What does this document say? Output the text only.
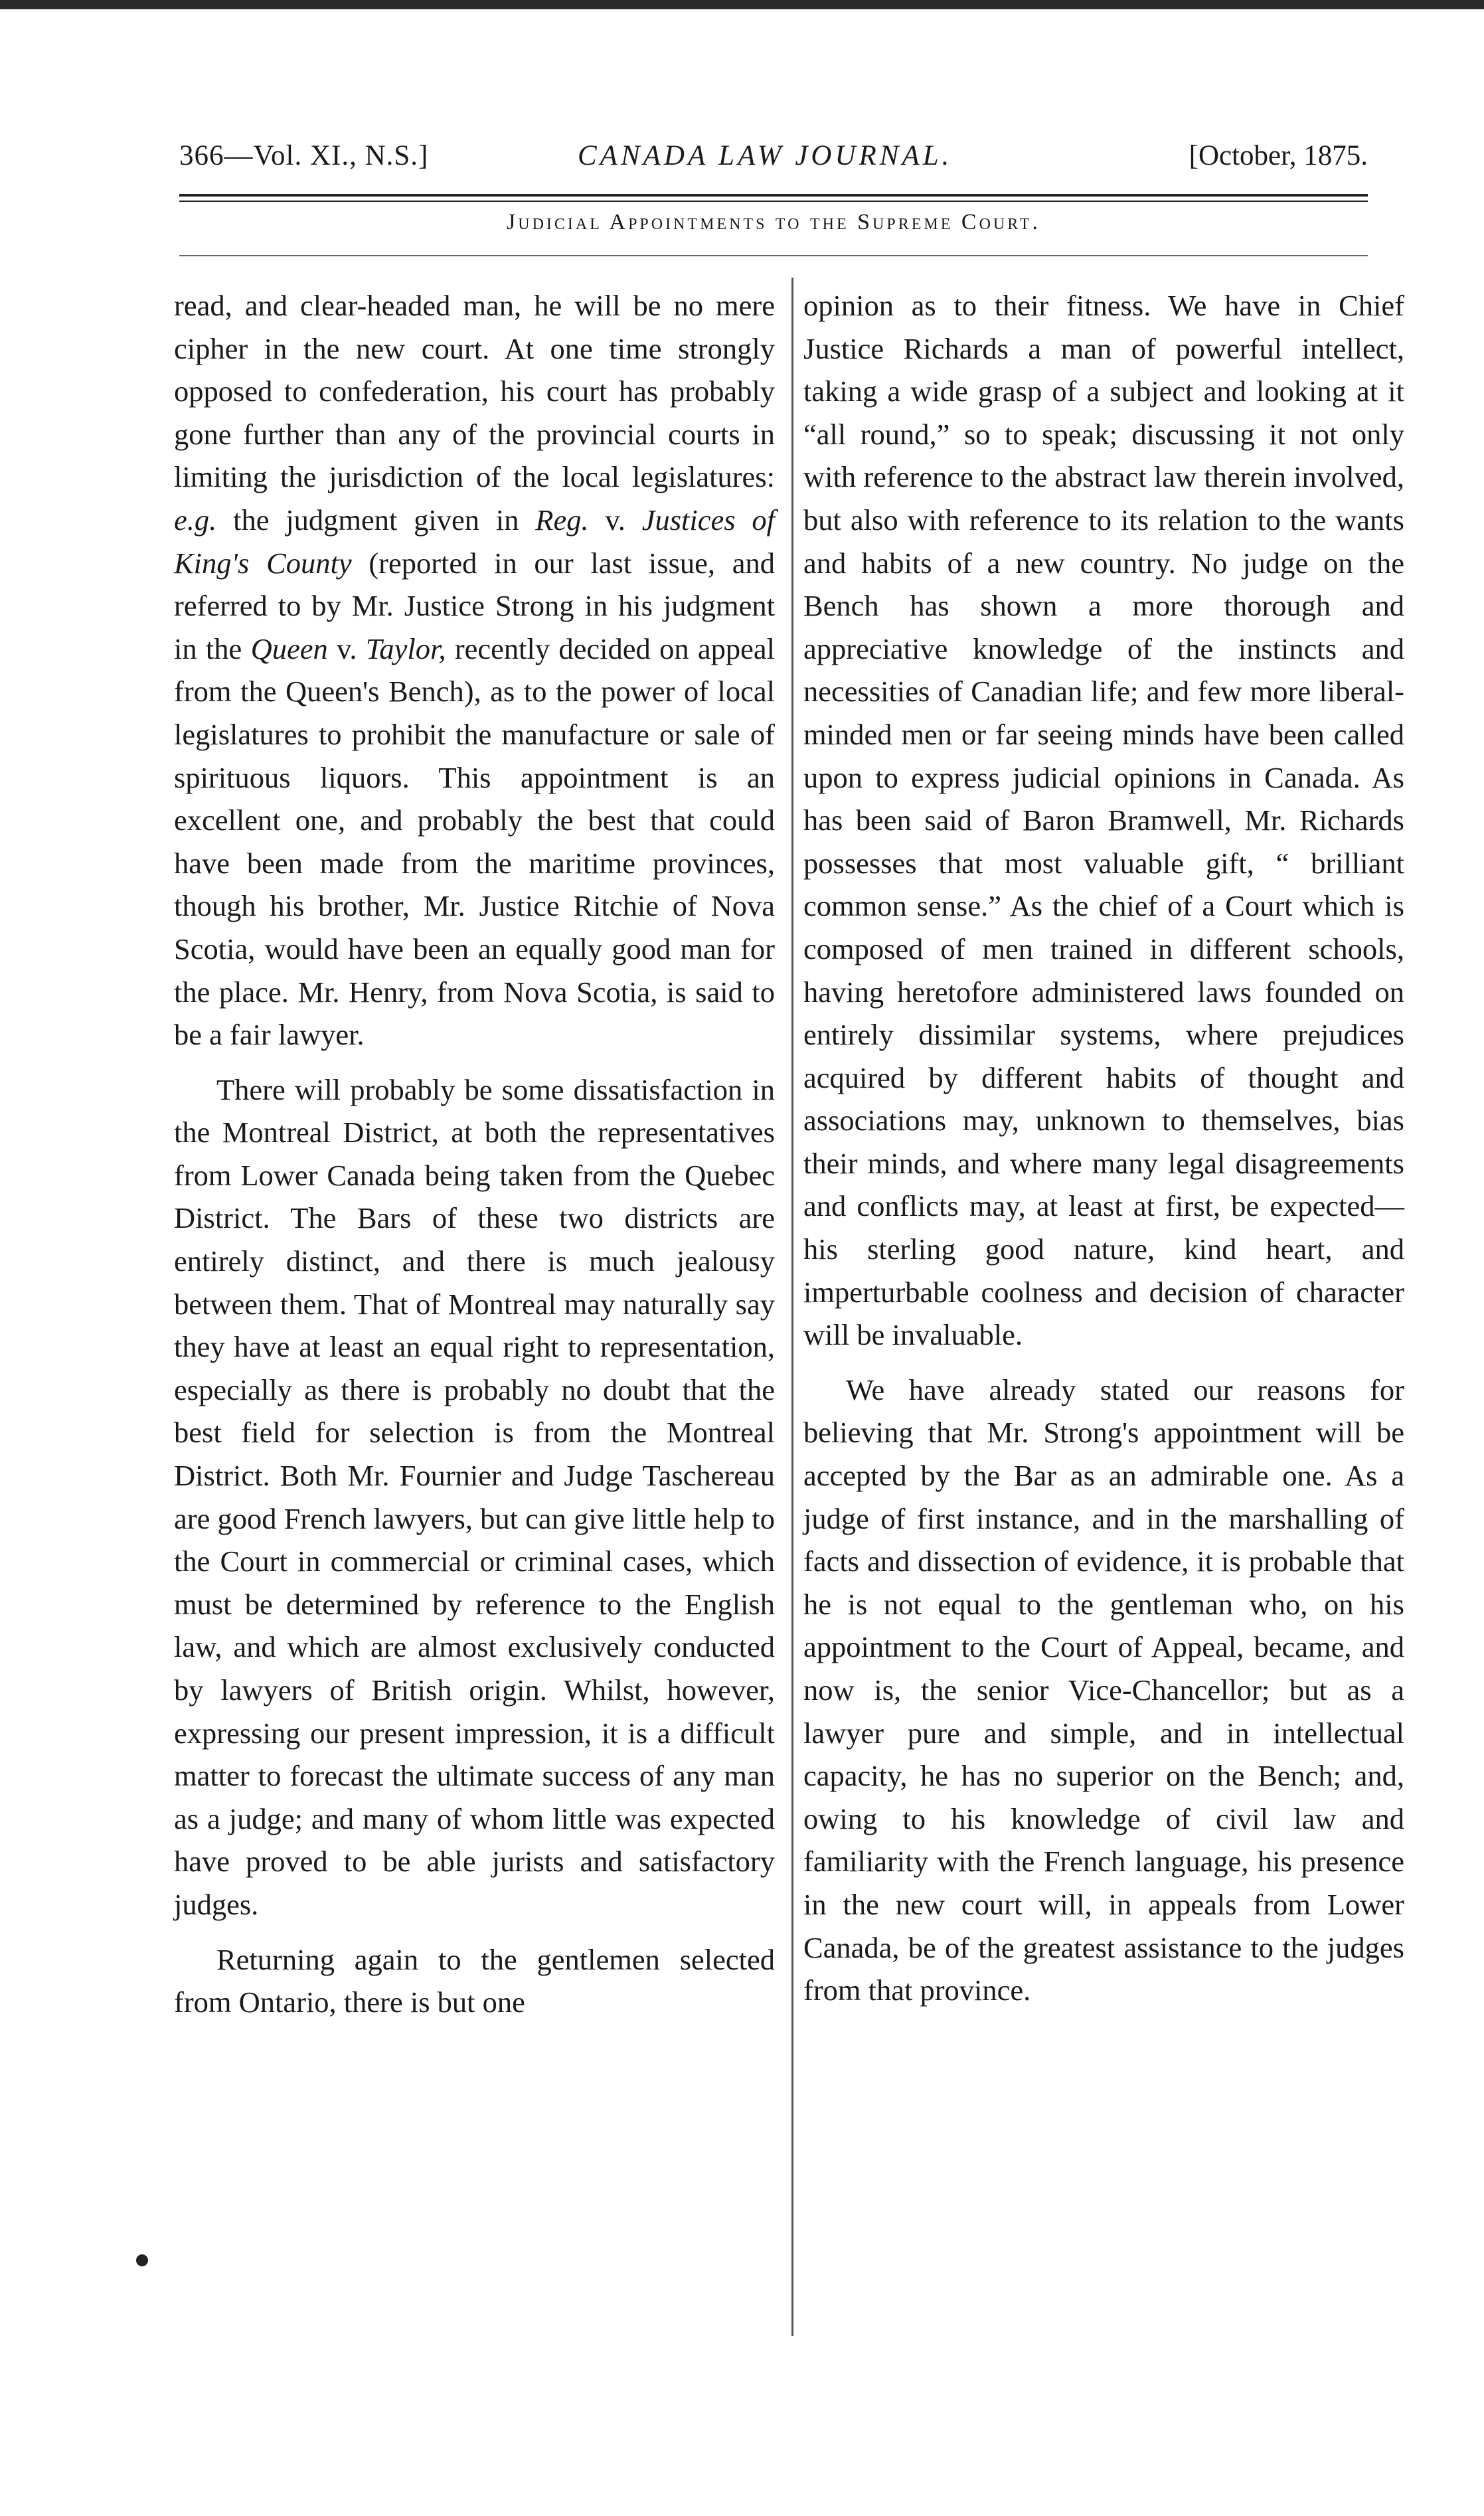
366—Vol. XI., N.S.]	CANADA LAW JOURNAL.	[October, 1875.
Judicial Appointments to the Supreme Court.

read, and clear-headed man, he will be no mere cipher in the new court. At one time strongly opposed to confederation, his court has probably gone further than any of the provincial courts in limiting the jurisdiction of the local legislatures: e.g. the judgment given in Reg. v. Justices of King's County (reported in our last issue, and referred to by Mr. Justice Strong in his judgment in the Queen v. Taylor, recently decided on appeal from the Queen's Bench), as to the power of local legislatures to prohibit the manufacture or sale of spirituous liquors. This appointment is an excellent one, and probably the best that could have been made from the maritime provinces, though his brother, Mr. Justice Ritchie of Nova Scotia, would have been an equally good man for the place. Mr. Henry, from Nova Scotia, is said to be a fair lawyer.

There will probably be some dissatisfaction in the Montreal District, at both the representatives from Lower Canada being taken from the Quebec District. The Bars of these two districts are entirely distinct, and there is much jealousy between them. That of Montreal may naturally say they have at least an equal right to representation, especially as there is probably no doubt that the best field for selection is from the Montreal District. Both Mr. Fournier and Judge Taschereau are good French lawyers, but can give little help to the Court in commercial or criminal cases, which must be determined by reference to the English law, and which are almost exclusively conducted by lawyers of British origin. Whilst, however, expressing our present impression, it is a difficult matter to forecast the ultimate success of any man as a judge; and many of whom little was expected have proved to be able jurists and satisfactory judges.

Returning again to the gentlemen selected from Ontario, there is but one

opinion as to their fitness. We have in Chief Justice Richards a man of powerful intellect, taking a wide grasp of a subject and looking at it “all round,” so to speak; discussing it not only with reference to the abstract law therein involved, but also with reference to its relation to the wants and habits of a new country. No judge on the Bench has shown a more thorough and appreciative knowledge of the instincts and necessities of Canadian life; and few more liberal-minded men or far seeing minds have been called upon to express judicial opinions in Canada. As has been said of Baron Bramwell, Mr. Richards possesses that most valuable gift, “ brilliant common sense.” As the chief of a Court which is composed of men trained in different schools, having heretofore administered laws founded on entirely dissimilar systems, where prejudices acquired by different habits of thought and associations may, unknown to themselves, bias their minds, and where many legal disagreements and conflicts may, at least at first, be expected—his sterling good nature, kind heart, and imperturbable coolness and decision of character will be invaluable.

We have already stated our reasons for believing that Mr. Strong's appointment will be accepted by the Bar as an admirable one. As a judge of first instance, and in the marshalling of facts and dissection of evidence, it is probable that he is not equal to the gentleman who, on his appointment to the Court of Appeal, became, and now is, the senior Vice-Chancellor; but as a lawyer pure and simple, and in intellectual capacity, he has no superior on the Bench; and, owing to his knowledge of civil law and familiarity with the French language, his presence in the new court will, in appeals from Lower Canada, be of the greatest assistance to the judges from that province.
